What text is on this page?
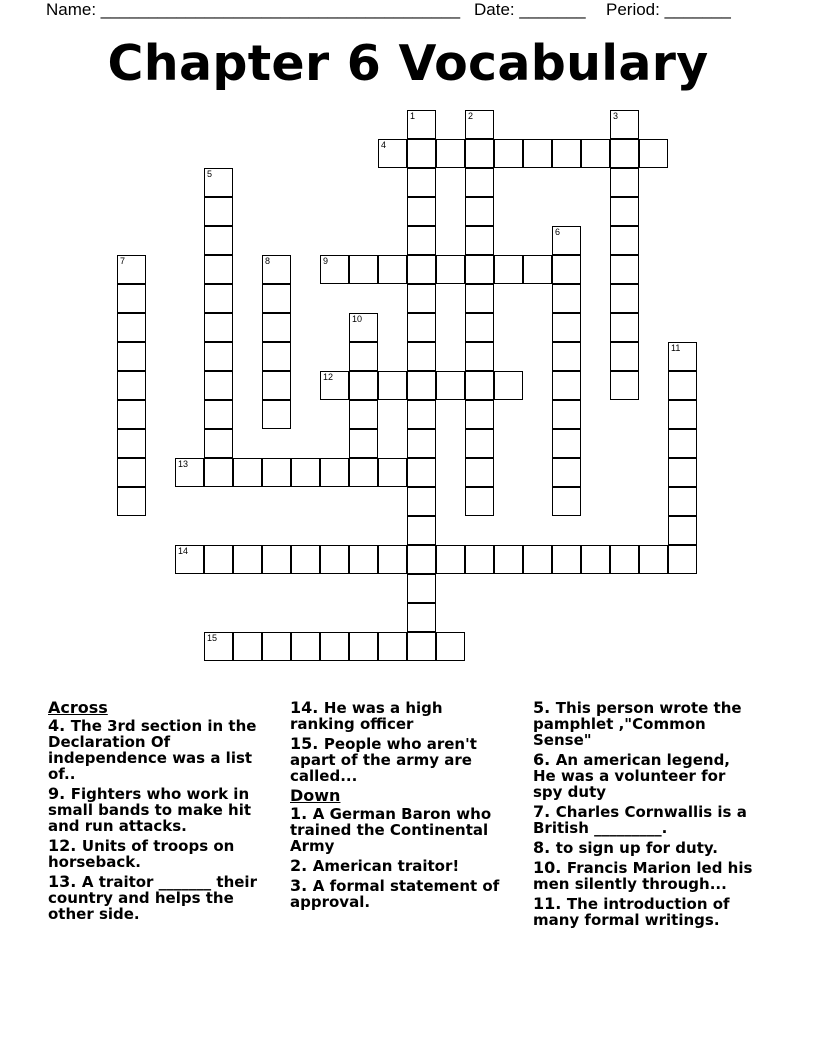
Name: ______________________________________ Date: _______ Period: _______
Chapter 6 Vocabulary
4
9
12
13
14
15
1	2	3
5
6
7	8
10
11
Across
4. The 3rd section in the Declaration Of independence was a list of..
9. Fighters who work in small bands to make hit and run attacks.
12. Units of troops on horseback.
13. A traitor _______ their country and helps the other side.
14. He was a high ranking officer
15. People who aren't apart of the army are called...
Down
1. A German Baron who trained the Continental Army
2. American traitor!
3. A formal statement of approval.
5. This person wrote the pamphlet ,"Common Sense"
6. An american legend, He was a volunteer for spy duty
7. Charles Cornwallis is a British _________.
8. to sign up for duty.
10. Francis Marion led his men silently through...
11. The introduction of many formal writings.
